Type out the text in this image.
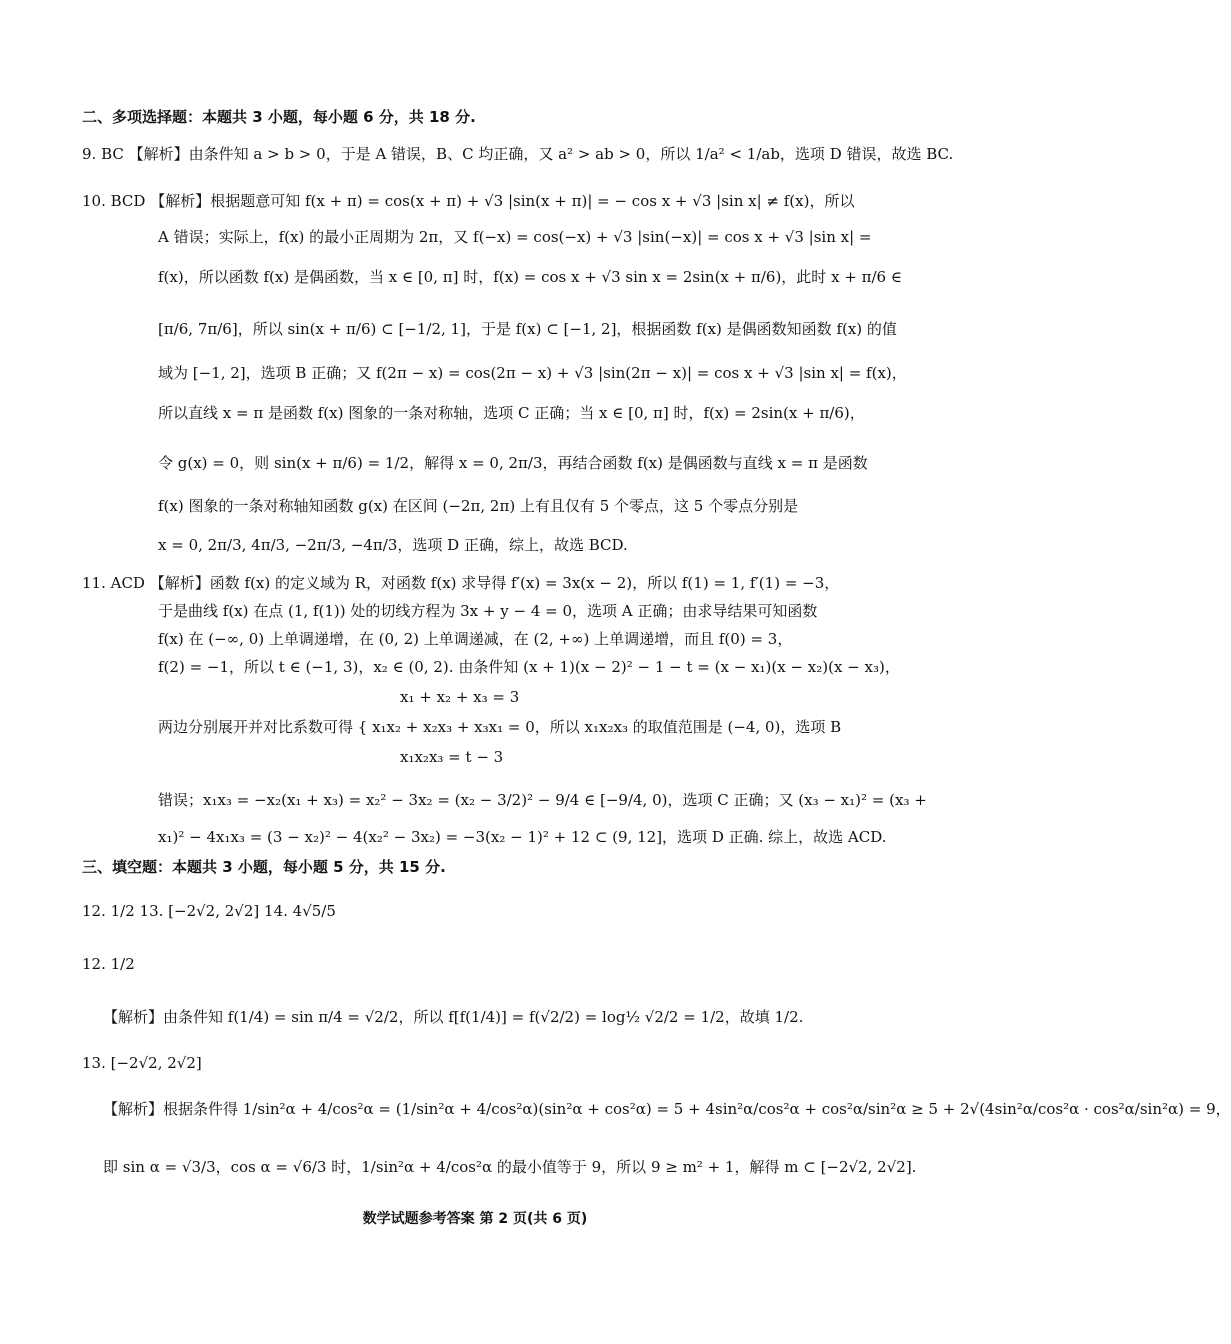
二、多项选择题：本题共 3 小题，每小题 6 分，共 18 分.
9. BC 【解析】由条件知 a > b > 0，于是 A 错误，B、C 均正确，又 a² > ab > 0，所以 1/a² < 1/ab，选项 D 错误，故选 BC.
10. BCD 【解析】根据题意可知 f(x + π) = cos(x + π) + √3 |sin(x + π)| = − cos x + √3 |sin x| ≠ f(x)，所以
A 错误；实际上，f(x) 的最小正周期为 2π，又 f(−x) = cos(−x) + √3 |sin(−x)| = cos x + √3 |sin x| =
f(x)，所以函数 f(x) 是偶函数，当 x ∈ [0, π] 时，f(x) = cos x + √3 sin x = 2sin(x + π/6)，此时 x + π/6 ∈
[π/6, 7π/6]，所以 sin(x + π/6) ⊂ [−1/2, 1]，于是 f(x) ⊂ [−1, 2]，根据函数 f(x) 是偶函数知函数 f(x) 的值
域为 [−1, 2]，选项 B 正确；又 f(2π − x) = cos(2π − x) + √3 |sin(2π − x)| = cos x + √3 |sin x| = f(x)，
所以直线 x = π 是函数 f(x) 图象的一条对称轴，选项 C 正确；当 x ∈ [0, π] 时，f(x) = 2sin(x + π/6)，
令 g(x) = 0，则 sin(x + π/6) = 1/2，解得 x = 0, 2π/3，再结合函数 f(x) 是偶函数与直线 x = π 是函数
f(x) 图象的一条对称轴知函数 g(x) 在区间 (−2π, 2π) 上有且仅有 5 个零点，这 5 个零点分别是
x = 0, 2π/3, 4π/3, −2π/3, −4π/3，选项 D 正确，综上，故选 BCD.
11. ACD 【解析】函数 f(x) 的定义域为 R，对函数 f(x) 求导得 f′(x) = 3x(x − 2)，所以 f(1) = 1, f′(1) = −3，
于是曲线 f(x) 在点 (1, f(1)) 处的切线方程为 3x + y − 4 = 0，选项 A 正确；由求导结果可知函数
f(x) 在 (−∞, 0) 上单调递增，在 (0, 2) 上单调递减，在 (2, +∞) 上单调递增，而且 f(0) = 3，
f(2) = −1，所以 t ∈ (−1, 3)，x₂ ∈ (0, 2). 由条件知 (x + 1)(x − 2)² − 1 − t = (x − x₁)(x − x₂)(x − x₃)，
x₁ + x₂ + x₃ = 3
两边分别展开并对比系数可得 { x₁x₂ + x₂x₃ + x₃x₁ = 0，所以 x₁x₂x₃ 的取值范围是 (−4, 0)，选项 B
x₁x₂x₃ = t − 3
错误；x₁x₃ = −x₂(x₁ + x₃) = x₂² − 3x₂ = (x₂ − 3/2)² − 9/4 ∈ [−9/4, 0)，选项 C 正确；又 (x₃ − x₁)² = (x₃ +
x₁)² − 4x₁x₃ = (3 − x₂)² − 4(x₂² − 3x₂) = −3(x₂ − 1)² + 12 ⊂ (9, 12]，选项 D 正确. 综上，故选 ACD.
三、填空题：本题共 3 小题，每小题 5 分，共 15 分.
12. 1/2 13. [−2√2, 2√2] 14. 4√5/5
12. 1/2
【解析】由条件知 f(1/4) = sin π/4 = √2/2，所以 f[f(1/4)] = f(√2/2) = log½ √2/2 = 1/2，故填 1/2.
13. [−2√2, 2√2]
【解析】根据条件得 1/sin²α + 4/cos²α = (1/sin²α + 4/cos²α)(sin²α + cos²α) = 5 + 4sin²α/cos²α + cos²α/sin²α ≥ 5 + 2√(4sin²α/cos²α · cos²α/sin²α) = 9，
即 sin α = √3/3，cos α = √6/3 时，1/sin²α + 4/cos²α 的最小值等于 9，所以 9 ≥ m² + 1，解得 m ⊂ [−2√2, 2√2].
数学试题参考答案 第 2 页(共 6 页)
